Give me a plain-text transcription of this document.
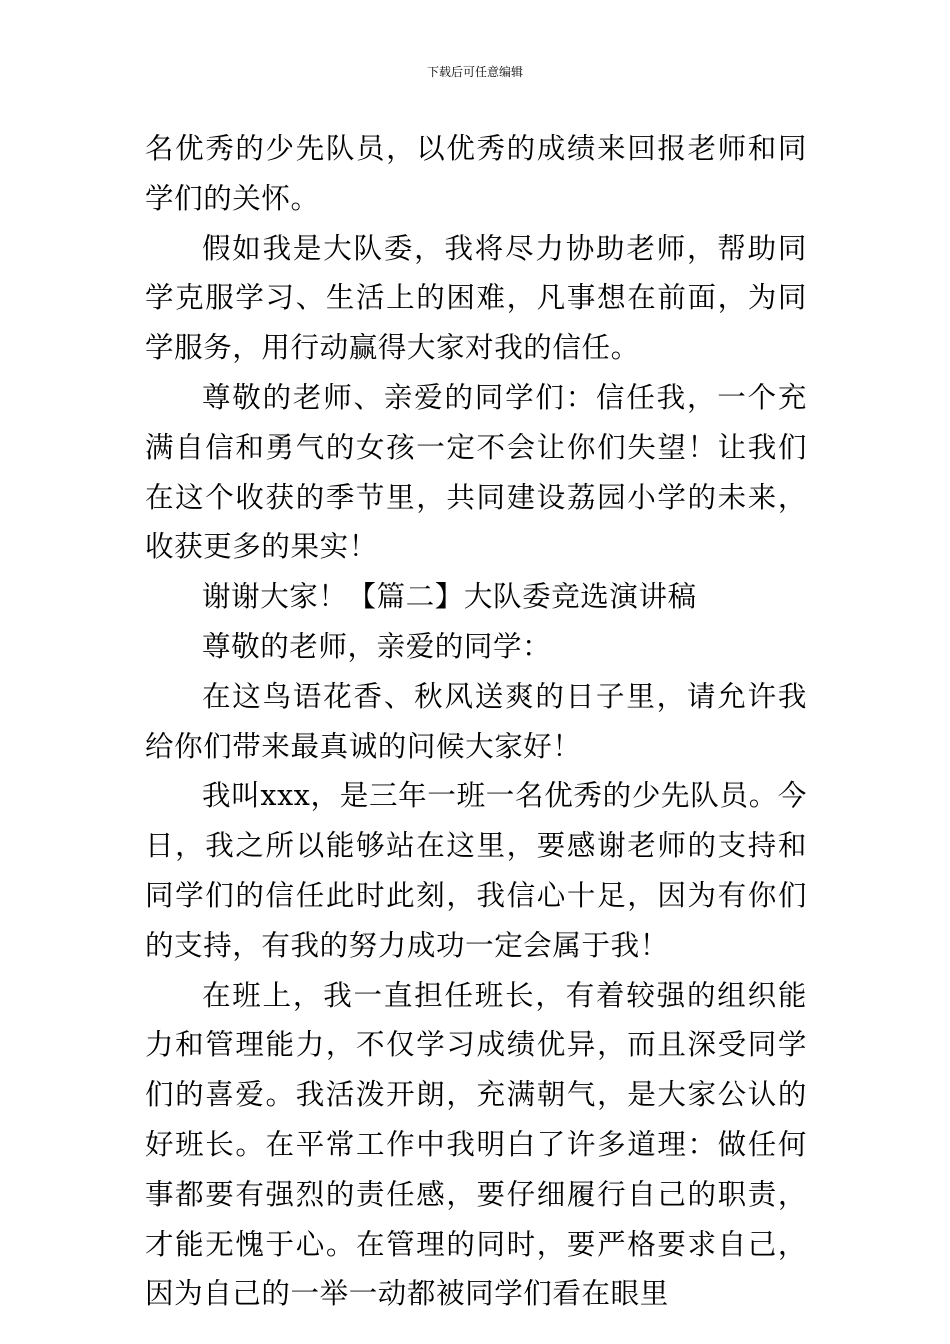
下载后可任意编辑

名优秀的少先队员，以优秀的成绩来回报老师和同学们的关怀。

假如我是大队委，我将尽力协助老师，帮助同学克服学习、生活上的困难，凡事想在前面，为同学服务，用行动赢得大家对我的信任。

尊敬的老师、亲爱的同学们：信任我，一个充满自信和勇气的女孩一定不会让你们失望！让我们在这个收获的季节里，共同建设荔园小学的未来，收获更多的果实！

谢谢大家！【篇二】大队委竞选演讲稿

尊敬的老师，亲爱的同学：

在这鸟语花香、秋风送爽的日子里，请允许我给你们带来最真诚的问候大家好！

我叫xxx，是三年一班一名优秀的少先队员。今日，我之所以能够站在这里，要感谢老师的支持和同学们的信任此时此刻，我信心十足，因为有你们的支持，有我的努力成功一定会属于我！

在班上，我一直担任班长，有着较强的组织能力和管理能力，不仅学习成绩优异，而且深受同学们的喜爱。我活泼开朗，充满朝气，是大家公认的好班长。在平常工作中我明白了许多道理：做任何事都要有强烈的责任感，要仔细履行自己的职责，才能无愧于心。在管理的同时，要严格要求自己，因为自己的一举一动都被同学们看在眼里
